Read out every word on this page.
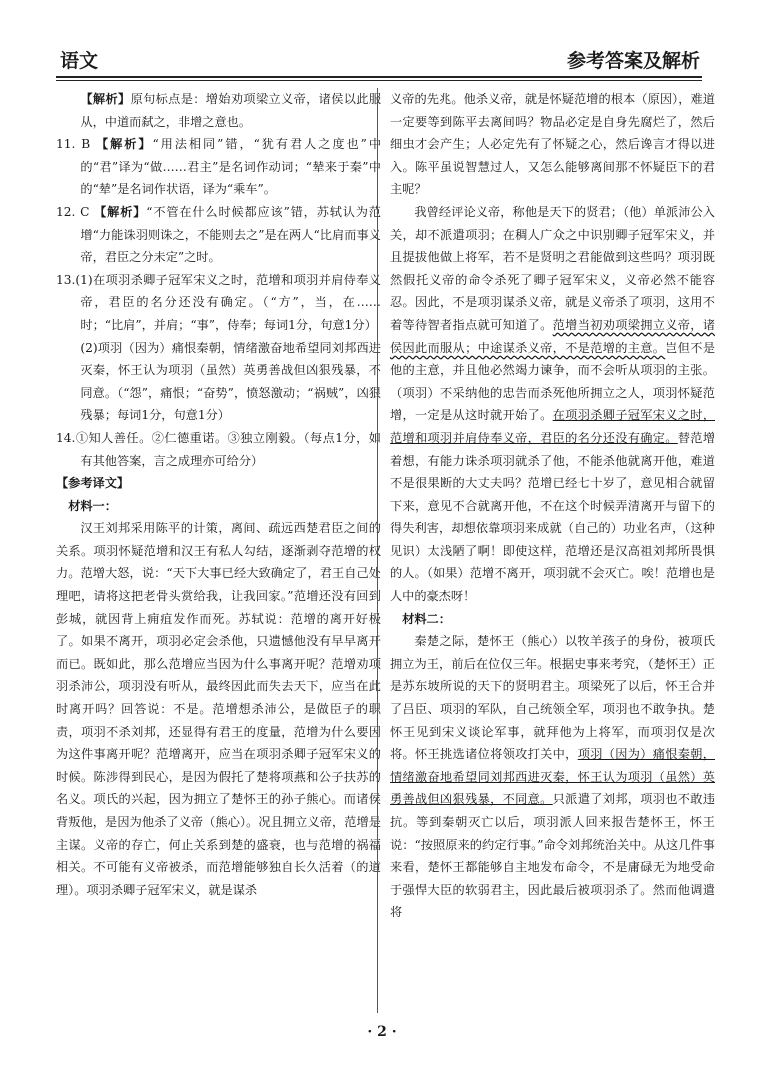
语文	参考答案及解析

【解析】原句标点是：增始劝项梁立义帝，诸侯以此服从，中道而弑之，非增之意也。

11. B 【解析】“用法相同”错，“犹有君人之度也”中的“君”译为“做……君主”是名词作动词；“辇来于秦”中的“辇”是名词作状语，译为“乘车”。

12. C 【解析】“不管在什么时候都应该”错，苏轼认为范增“力能诛羽则诛之，不能则去之”是在两人“比肩而事义帝，君臣之分未定”之时。

13.(1)在项羽杀卿子冠军宋义之时，范增和项羽并肩侍奉义帝，君臣的名分还没有确定。（“方”，当，在……时；“比肩”，并肩；“事”，侍奉；每词1分，句意1分）

(2)项羽（因为）痛恨秦朝，情绪激奋地希望同刘邦西进灭秦，怀王认为项羽（虽然）英勇善战但凶狠残暴，不同意。（“怨”，痛恨；“奋势”，愤怒激动；“祸贼”，凶狠残暴；每词1分，句意1分）

14.①知人善任。②仁德重诺。③独立刚毅。（每点1分，如有其他答案，言之成理亦可给分）

【参考译文】

材料一：

汉王刘邦采用陈平的计策，离间、疏远西楚君臣之间的关系。项羽怀疑范增和汉王有私人勾结，逐渐剥夺范增的权力。范增大怒，说：“天下大事已经大致确定了，君王自己处理吧，请将这把老骨头赏给我，让我回家。”范增还没有回到彭城，就因背上痈疽发作而死。苏轼说：范增的离开好极了。如果不离开，项羽必定会杀他，只遗憾他没有早早离开而已。既如此，那么范增应当因为什么事离开呢？范增劝项羽杀沛公，项羽没有听从，最终因此而失去天下，应当在此时离开吗？回答说：不是。范增想杀沛公，是做臣子的职责，项羽不杀刘邦，还显得有君王的度量，范增为什么要因为这件事离开呢？范增离开，应当在项羽杀卿子冠军宋义的时候。陈涉得到民心，是因为假托了楚将项燕和公子扶苏的名义。项氏的兴起，因为拥立了楚怀王的孙子熊心。而诸侯背叛他，是因为他杀了义帝（熊心）。况且拥立义帝，范增是主谋。义帝的存亡，何止关系到楚的盛衰，也与范增的祸福相关。不可能有义帝被杀，而范增能够独自长久活着（的道理）。项羽杀卿子冠军宋义，就是谋杀

义帝的先兆。他杀义帝，就是怀疑范增的根本（原因），难道一定要等到陈平去离间吗？物品必定是自身先腐烂了，然后细虫才会产生；人必定先有了怀疑之心，然后谗言才得以进入。陈平虽说智慧过人，又怎么能够离间那不怀疑臣下的君主呢？

我曾经评论义帝，称他是天下的贤君；（他）单派沛公入关，却不派遣项羽；在稠人广众之中识别卿子冠军宋义，并且提拔他做上将军，若不是贤明之君能做到这些吗？项羽既然假托义帝的命令杀死了卿子冠军宋义，义帝必然不能容忍。因此，不是项羽谋杀义帝，就是义帝杀了项羽，这用不着等待智者指点就可知道了。范增当初劝项梁拥立义帝，诸侯因此而服从；中途谋杀义帝，不是范增的主意。岂但不是他的主意，并且他必然竭力谏争，而不会听从项羽的主张。（项羽）不采纳他的忠告而杀死他所拥立之人，项羽怀疑范增，一定是从这时就开始了。在项羽杀卿子冠军宋义之时，范增和项羽并肩侍奉义帝，君臣的名分还没有确定。替范增着想，有能力诛杀项羽就杀了他，不能杀他就离开他，难道不是很果断的大丈夫吗？范增已经七十岁了，意见相合就留下来，意见不合就离开他，不在这个时候弄清离开与留下的得失利害，却想依靠项羽来成就（自己的）功业名声，（这种见识）太浅陋了啊！即使这样，范增还是汉高祖刘邦所畏惧的人。（如果）范增不离开，项羽就不会灭亡。唉！范增也是人中的豪杰呀！

材料二：

秦楚之际，楚怀王（熊心）以牧羊孩子的身份，被项氏拥立为王，前后在位仅三年。根据史事来考究，（楚怀王）正是苏东坡所说的天下的贤明君主。项梁死了以后，怀王合并了吕臣、项羽的军队，自己统领全军，项羽也不敢争执。楚怀王见到宋义谈论军事，就拜他为上将军，而项羽仅是次将。怀王挑选诸位将领攻打关中，项羽（因为）痛恨秦朝，情绪激奋地希望同刘邦西进灭秦，怀王认为项羽（虽然）英勇善战但凶狠残暴，不同意。只派遣了刘邦，项羽也不敢违抗。等到秦朝灭亡以后，项羽派人回来报告楚怀王，怀王说：“按照原来的约定行事。”命令刘邦统治关中。从这几件事来看，楚怀王都能够自主地发布命令，不是庸碌无为地受命于强悍大臣的软弱君主，因此最后被项羽杀了。然而他调遣将

· 2 ·
